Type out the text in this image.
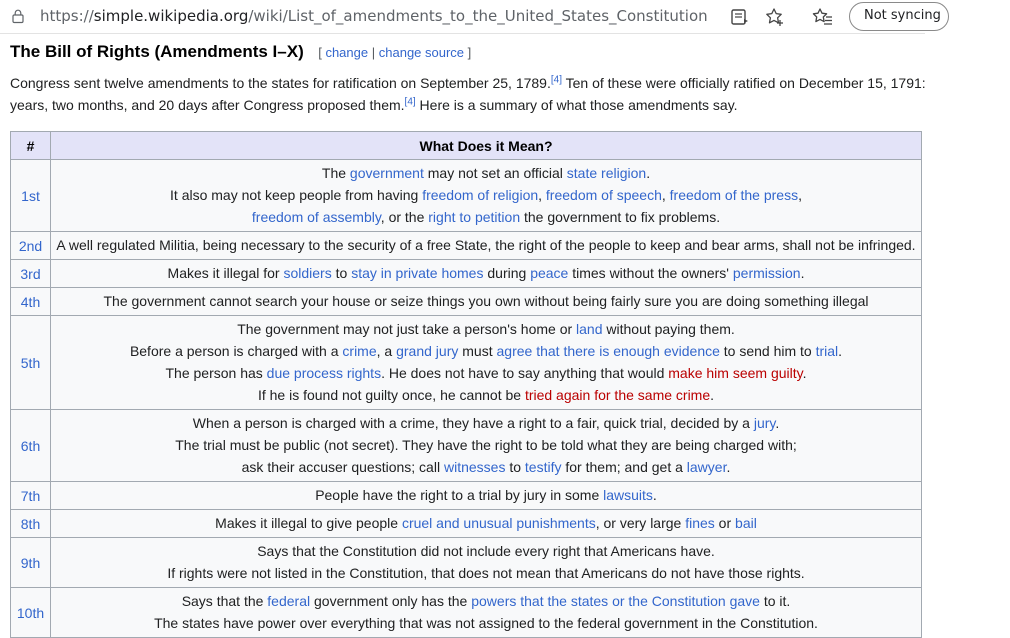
https://simple.wikipedia.org/wiki/List_of_amendments_to_the_United_States_Constitution	Not syncing
The Bill of Rights (Amendments I–X) [ change | change source ]

Congress sent twelve amendments to the states for ratification on September 25, 1789.[4] Ten of these were officially ratified on December 15, 1791:

years, two months, and 20 days after Congress proposed them.[4] Here is a summary of what those amendments say.

#	What Does it Mean?
1st	The government may not set an official state religion.
It also may not keep people from having freedom of religion, freedom of speech, freedom of the press,
freedom of assembly, or the right to petition the government to fix problems.

2nd	A well regulated Militia, being necessary to the security of a free State, the right of the people to keep and bear arms, shall not be infringed.

3rd	Makes it illegal for soldiers to stay in private homes during peace times without the owners' permission.

4th	The government cannot search your house or seize things you own without being fairly sure you are doing something illegal

5th	The government may not just take a person's home or land without paying them.
Before a person is charged with a crime, a grand jury must agree that there is enough evidence to send him to trial.
The person has due process rights. He does not have to say anything that would make him seem guilty.
If he is found not guilty once, he cannot be tried again for the same crime.

6th	When a person is charged with a crime, they have a right to a fair, quick trial, decided by a jury.
The trial must be public (not secret). They have the right to be told what they are being charged with;
ask their accuser questions; call witnesses to testify for them; and get a lawyer.

7th	People have the right to a trial by jury in some lawsuits.

8th	Makes it illegal to give people cruel and unusual punishments, or very large fines or bail

9th	Says that the Constitution did not include every right that Americans have.
If rights were not listed in the Constitution, that does not mean that Americans do not have those rights.

10th	Says that the federal government only has the powers that the states or the Constitution gave to it.
The states have power over everything that was not assigned to the federal government in the Constitution.
